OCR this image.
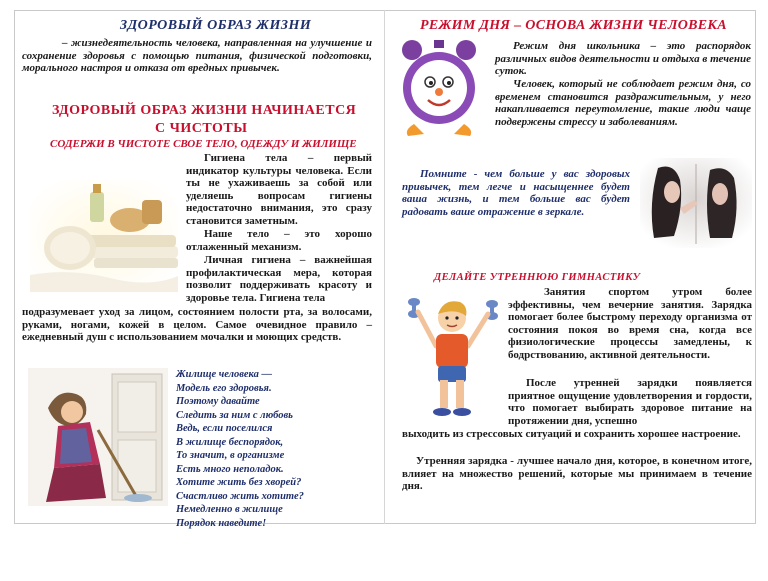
ЗДОРОВЫЙ ОБРАЗ ЖИЗНИ
– жизнедеятельность человека, направленная на улучшение и сохранение здоровья с помощью питания, физической подготовки, морального настроя и отказа от вредных привычек.
ЗДОРОВЫЙ ОБРАЗ ЖИЗНИ НАЧИНАЕТСЯ
С ЧИСТОТЫ
СОДЕРЖИ В ЧИСТОТЕ СВОЕ ТЕЛО, ОДЕЖДУ И ЖИЛИЩЕ
Гигиена тела – первый индикатор культуры человека. Если ты не ухаживаешь за собой или уделяешь вопросам гигиены недостаточно внимания, это сразу становится заметным.
Наше тело – это хорошо отлаженный механизм.
Личная гигиена – важнейшая профилактическая мера, которая позволит поддерживать красоту и здоровье тела. Гигиена тела
подразумевает уход за лицом, состоянием полости рта, за волосами, руками, ногами, кожей в целом. Самое очевидное правило – ежедневный душ с использованием мочалки и моющих средств.
Жилище человека —
Модель его здоровья.
Поэтому давайте
Следить за ним с любовь
Ведь, если поселился
В жилище беспорядок,
То значит, в организме
Есть много неполадок.
Хотите жить без хворей?
Счастливо жить хотите?
Немедленно в жилище
Порядок наведите!
РЕЖИМ ДНЯ – ОСНОВА ЖИЗНИ ЧЕЛОВЕКА
Режим дня школьника – это распорядок различных видов деятельности и отдыха в течение суток.
Человек, который не соблюдает режим дня, со временем становится раздражительным, у него накапливается переутомление, такие люди чаще подвержены стрессу и заболеваниям.
Помните - чем больше у вас здоровых привычек, тем легче и насыщеннее будет ваша жизнь, и тем больше вас будет радовать ваше отражение в зеркале.
ДЕЛАЙТЕ УТРЕННЮЮ ГИМНАСТИКУ
Занятия спортом утром более эффективны, чем вечерние занятия. Зарядка помогает более быстрому переходу организма от состояния покоя во время сна, когда все физиологические процессы замедлены, к бодрствованию, активной деятельности.
После утренней зарядки появляется приятное ощущение удовлетворения и гордости, что помогает выбирать здоровое питание на протяжении дня, успешно
выходить из стрессовых ситуаций и сохранить хорошее настроение.
Утренняя зарядка - лучшее начало дня, которое, в конечном итоге, влияет на множество решений, которые мы принимаем в течение дня.
